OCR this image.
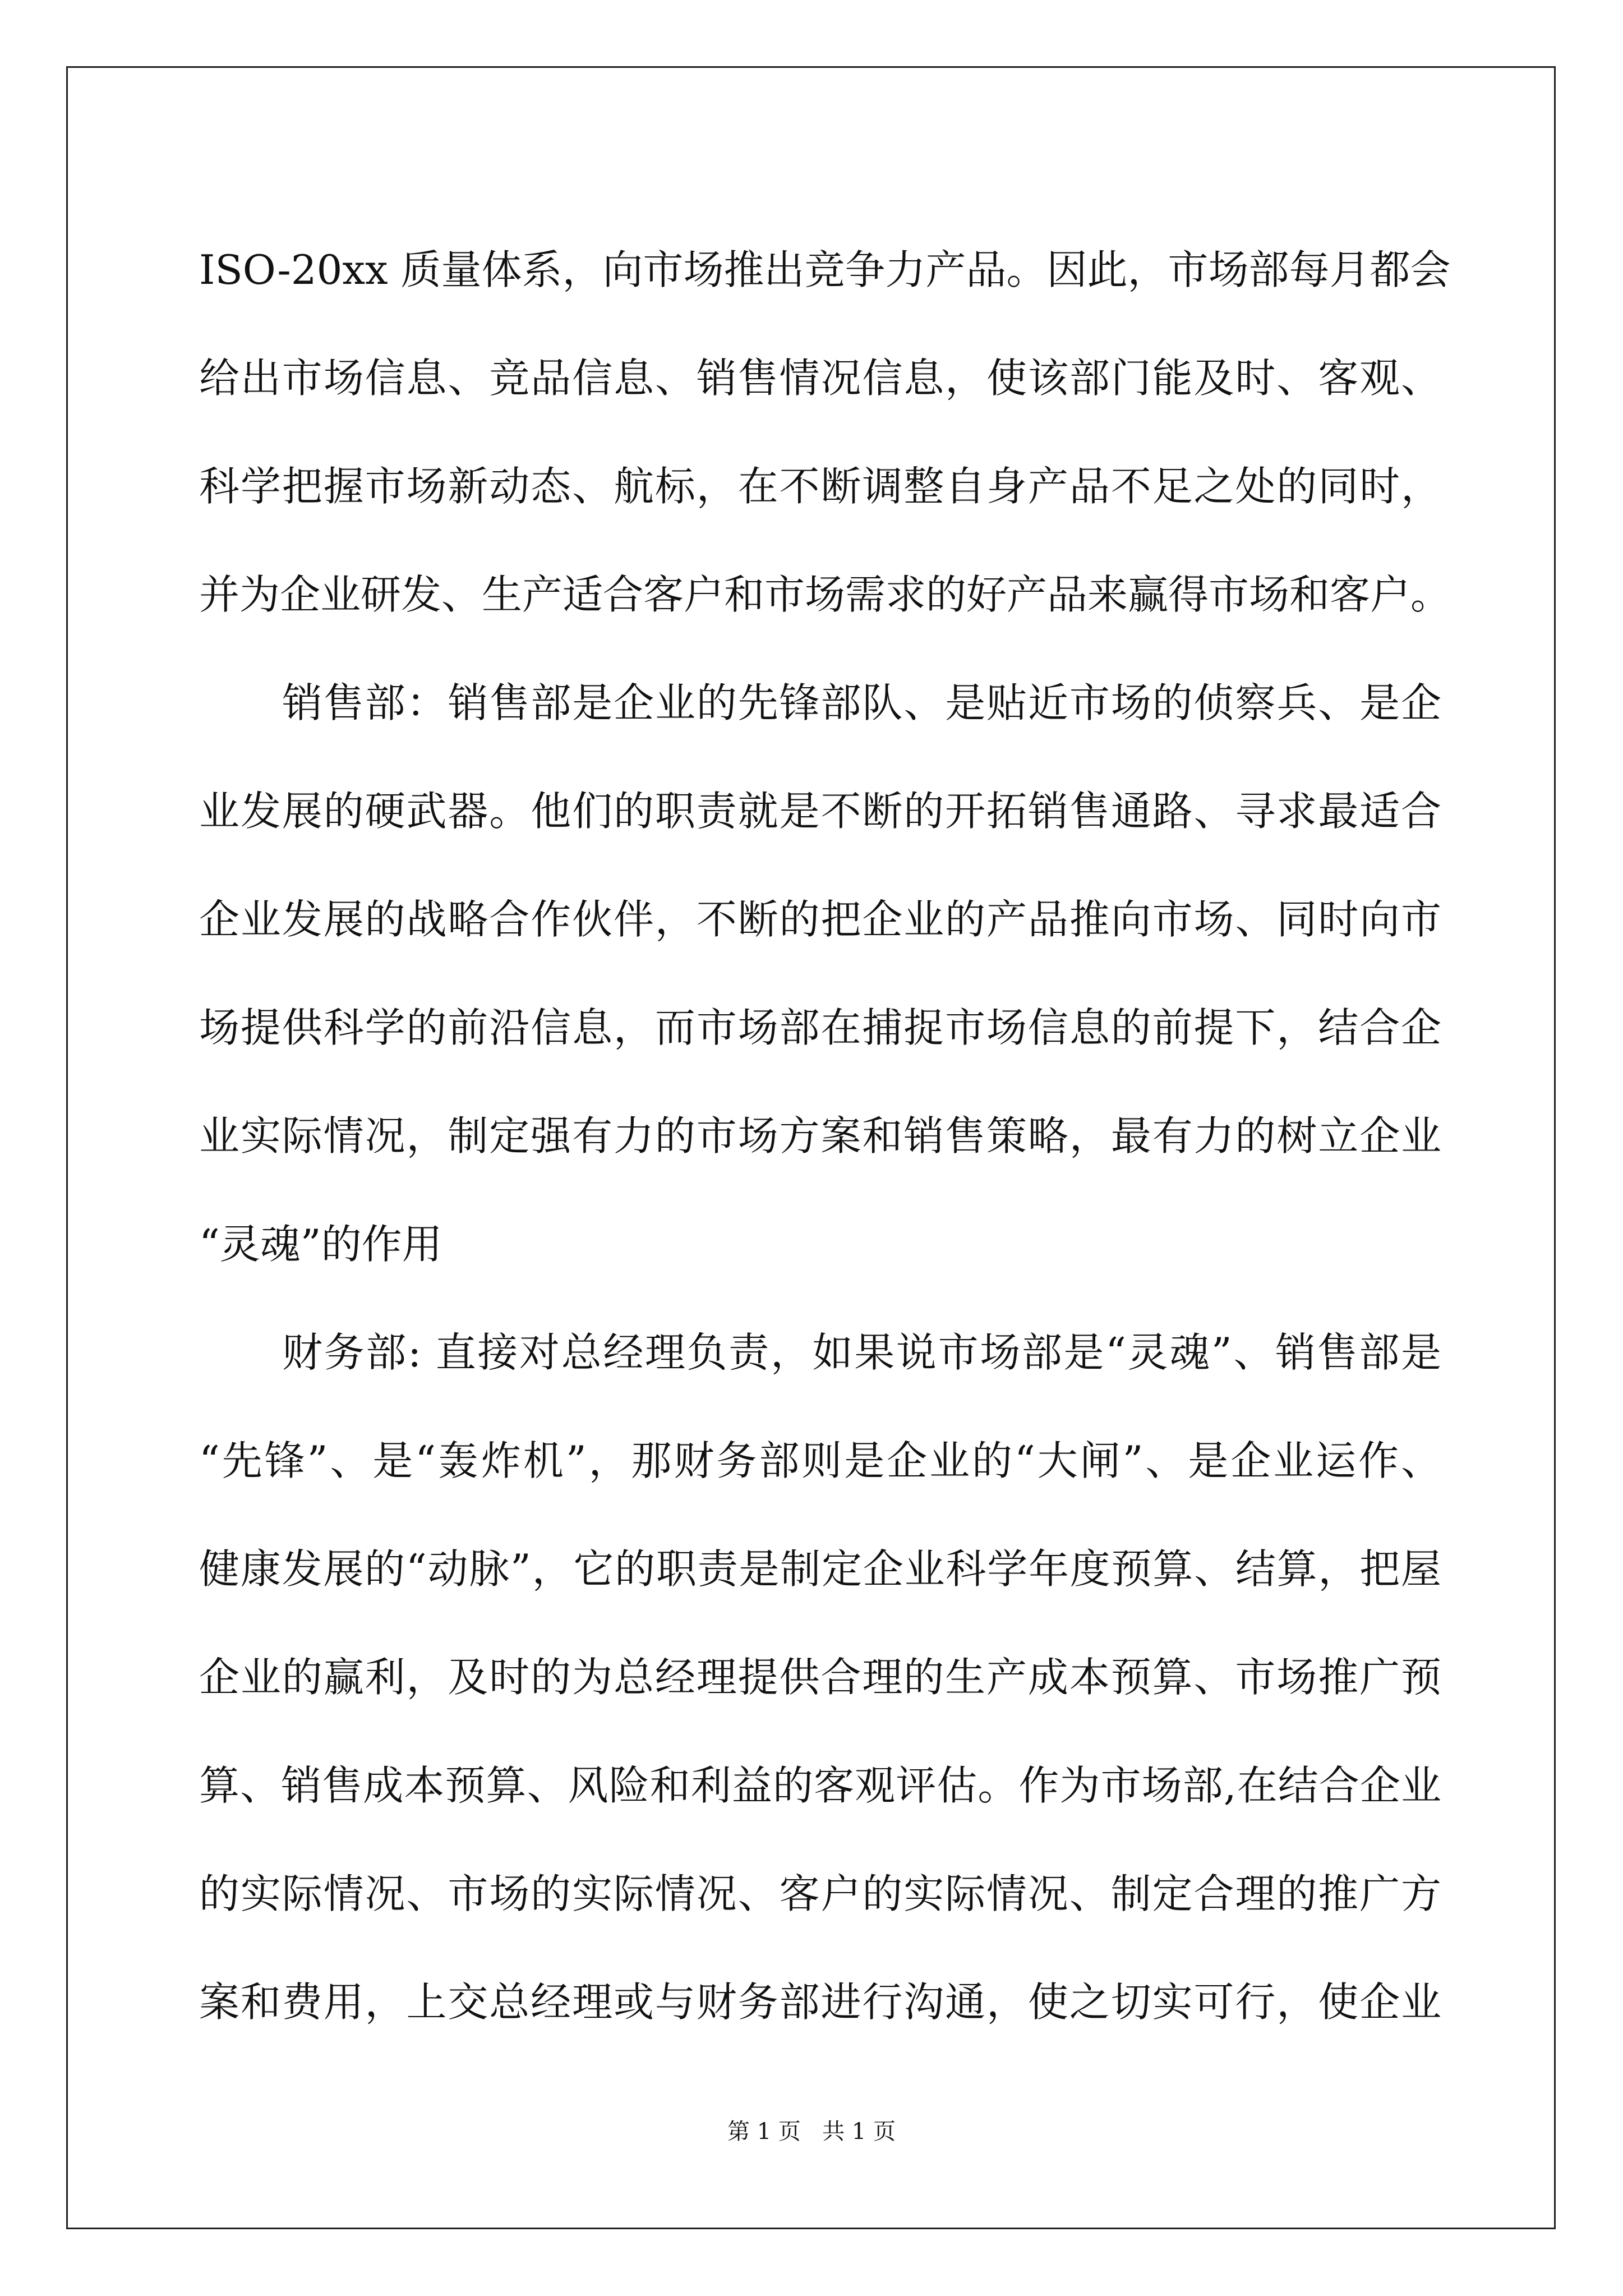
ISO-20xx 质量体系，向市场推出竞争力产品。因此，市场部每月都会
给出市场信息、竞品信息、销售情况信息，使该部门能及时、客观、
科学把握市场新动态、航标，在不断调整自身产品不足之处的同时，
并为企业研发、生产适合客户和市场需求的好产品来赢得市场和客户。
销售部：销售部是企业的先锋部队、是贴近市场的侦察兵、是企
业发展的硬武器。他们的职责就是不断的开拓销售通路、寻求最适合
企业发展的战略合作伙伴，不断的把企业的产品推向市场、同时向市
场提供科学的前沿信息，而市场部在捕捉市场信息的前提下，结合企
业实际情况，制定强有力的市场方案和销售策略，最有力的树立企业
“灵魂”的作用
财务部: 直接对总经理负责，如果说市场部是“灵魂”、销售部是
“先锋”、是“轰炸机”，那财务部则是企业的“大闸”、是企业运作、
健康发展的“动脉”，它的职责是制定企业科学年度预算、结算，把屋
企业的赢利，及时的为总经理提供合理的生产成本预算、市场推广预
算、销售成本预算、风险和利益的客观评估。作为市场部,在结合企业
的实际情况、市场的实际情况、客户的实际情况、制定合理的推广方
案和费用，上交总经理或与财务部进行沟通，使之切实可行，使企业
第 1 页   共 1 页
